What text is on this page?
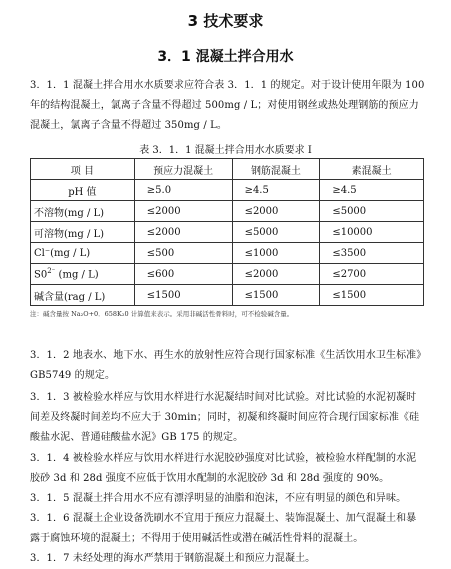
3 技术要求
3．1 混凝土拌合用水
3．1．1 混凝土拌合用水水质要求应符合表 3．1．1 的规定。对于设计使用年限为 100 年的结构混凝土，氯离子含量不得超过 500mg / L；对使用钢丝或热处理钢筋的预应力混凝土，氯离子含量不得超过 350mg / L。
表 3．1．1 混凝土拌合用水水质要求 I
项 目	预应力混凝土	钢筋混凝土	素混凝土
pH 值	≥5.0	≥4.5	≥4.5
不溶物(mg / L)	≤2000	≤2000	≤5000
可溶物(mg / L)	≤2000	≤5000	≤10000
Cl⁻(mg / L)	≤500	≤1000	≤3500
$S0^{2^-}$ (mg / L)	≤600	≤2000	≤2700
碱含量(rag / L)	≤1500	≤1500	≤1500
注：碱含量按 Na₂O+0．658K₂0 计算值来表示。采用非碱活性骨料时，可不检验碱含量。
3．1．2 地表水、地下水、再生水的放射性应符合现行国家标准《生活饮用水卫生标准》GB5749 的规定。
3．1．3 被检验水样应与饮用水样进行水泥凝结时间对比试验。对比试验的水泥初凝时间差及终凝时间差均不应大于 30min；同时，初凝和终凝时间应符合现行国家标准《硅酸盐水泥、普通硅酸盐水泥》GB 175 的规定。
3．1．4 被检验水样应与饮用水样进行水泥胶砂强度对比试验，被检验水样配制的水泥胶砂 3d 和 28d 强度不应低于饮用水配制的水泥胶砂 3d 和 28d 强度的 90%。
3．1．5 混凝土拌合用水不应有漂浮明显的油脂和泡沫，不应有明显的颜色和异味。
3．1．6 混凝土企业设备洗刷水不宜用于预应力混凝土、装饰混凝土、加气混凝土和暴露于腐蚀环境的混凝土；不得用于使用碱活性或潜在碱活性骨料的混凝土。
3．1．7 未经处理的海水严禁用于钢筋混凝土和预应力混凝土。
